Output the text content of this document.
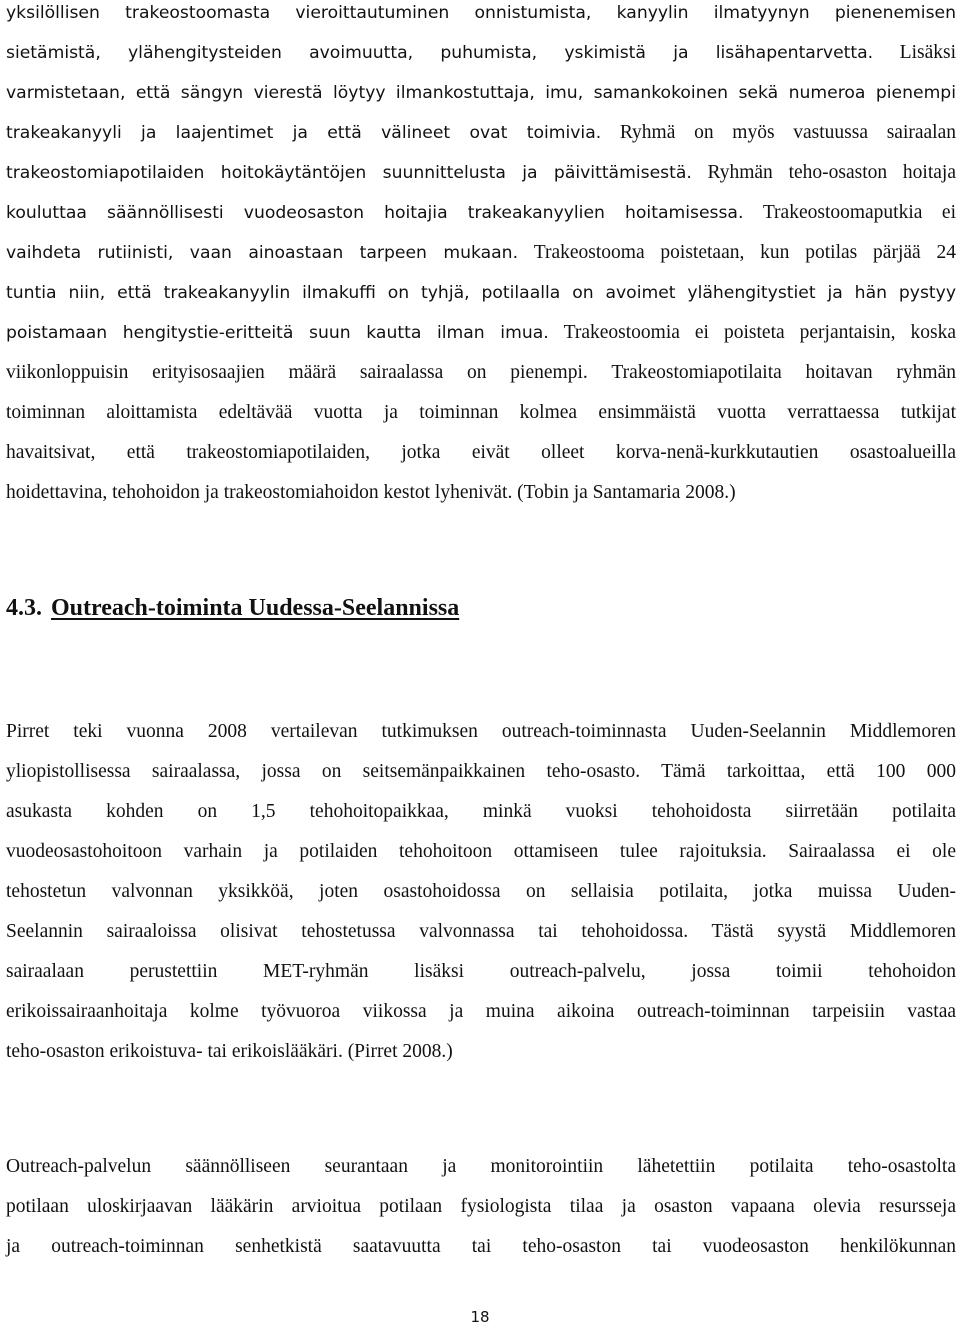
yksilöllisen trakeostoomasta vieroittautuminen onnistumista, kanyylin ilmatyynyn pienenemisen
sietämistä, ylähengitysteiden avoimuutta, puhumista, yskimistä ja lisähapentarvetta. Lisäksi
varmistetaan, että sängyn vierestä löytyy ilmankostuttaja, imu, samankokoinen sekä numeroa pienempi
trakeakanyyli ja laajentimet ja että välineet ovat toimivia. Ryhmä on myös vastuussa sairaalan
trakeostomiapotilaiden hoitokäytäntöjen suunnittelusta ja päivittämisestä. Ryhmän teho-osaston hoitaja
kouluttaa säännöllisesti vuodeosaston hoitajia trakeakanyylien hoitamisessa. Trakeostoomaputkia ei
vaihdeta rutiinisti, vaan ainoastaan tarpeen mukaan. Trakeostooma poistetaan, kun potilas pärjää 24
tuntia niin, että trakeakanyylin ilmakuffi on tyhjä, potilaalla on avoimet ylähengitystiet ja hän pystyy
poistamaan hengitystie-eritteitä suun kautta ilman imua. Trakeostoomia ei poisteta perjantaisin, koska
viikonloppuisin erityisosaajien määrä sairaalassa on pienempi. Trakeostomiapotilaita hoitavan ryhmän
toiminnan aloittamista edeltävää vuotta ja toiminnan kolmea ensimmäistä vuotta verrattaessa tutkijat
havaitsivat, että trakeostomiapotilaiden, jotka eivät olleet korva-nenä-kurkkutautien osastoalueilla
hoidettavina, tehohoidon ja trakeostomiahoidon kestot lyhenivät. (Tobin ja Santamaria 2008.)
4.3. Outreach-toiminta Uudessa-Seelannissa
Pirret teki vuonna 2008 vertailevan tutkimuksen outreach-toiminnasta Uuden-Seelannin Middlemoren
yliopistollisessa sairaalassa, jossa on seitsemänpaikkainen teho-osasto. Tämä tarkoittaa, että 100 000
asukasta kohden on 1,5 tehohoitopaikkaa, minkä vuoksi tehohoidosta siirretään potilaita
vuodeosastohoitoon varhain ja potilaiden tehohoitoon ottamiseen tulee rajoituksia. Sairaalassa ei ole
tehostetun valvonnan yksikköä, joten osastohoidossa on sellaisia potilaita, jotka muissa Uuden-
Seelannin sairaaloissa olisivat tehostetussa valvonnassa tai tehohoidossa. Tästä syystä Middlemoren
sairaalaan perustettiin MET-ryhmän lisäksi outreach-palvelu, jossa toimii tehohoidon
erikoissairaanhoitaja kolme työvuoroa viikossa ja muina aikoina outreach-toiminnan tarpeisiin vastaa
teho-osaston erikoistuva- tai erikoislääkäri. (Pirret 2008.)
Outreach-palvelun säännölliseen seurantaan ja monitorointiin lähetettiin potilaita teho-osastolta
potilaan uloskirjaavan lääkärin arvioitua potilaan fysiologista tilaa ja osaston vapaana olevia resursseja
ja outreach-toiminnan senhetkistä saatavuutta tai teho-osaston tai vuodeosaston henkilökunnan
18
